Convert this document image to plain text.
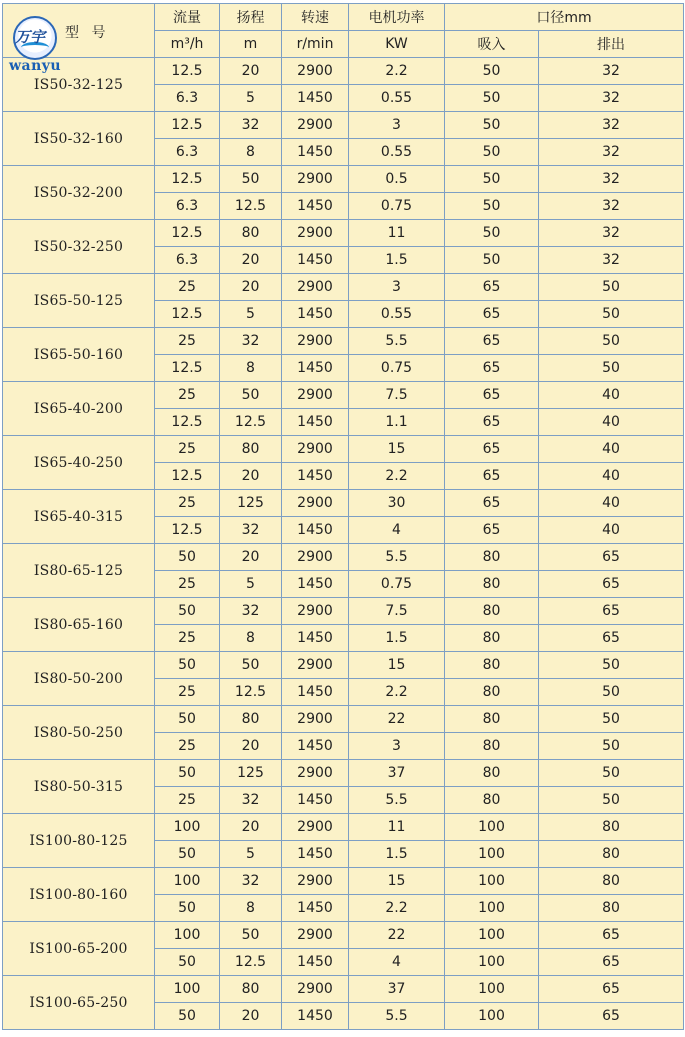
万宇
wanyu
型 号	流量	扬程	转速	电机功率	口径mm	
	m³/h	m	r/min	KW	吸入	排出
IS50-32-125	12.5	20	2900	2.2	50	32
	6.3	5	1450	0.55	50	32
IS50-32-160	12.5	32	2900	3	50	32
	6.3	8	1450	0.55	50	32
IS50-32-200	12.5	50	2900	0.5	50	32
	6.3	12.5	1450	0.75	50	32
IS50-32-250	12.5	80	2900	11	50	32
	6.3	20	1450	1.5	50	32
IS65-50-125	25	20	2900	3	65	50
	12.5	5	1450	0.55	65	50
IS65-50-160	25	32	2900	5.5	65	50
	12.5	8	1450	0.75	65	50
IS65-40-200	25	50	2900	7.5	65	40
	12.5	12.5	1450	1.1	65	40
IS65-40-250	25	80	2900	15	65	40
	12.5	20	1450	2.2	65	40
IS65-40-315	25	125	2900	30	65	40
	12.5	32	1450	4	65	40
IS80-65-125	50	20	2900	5.5	80	65
	25	5	1450	0.75	80	65
IS80-65-160	50	32	2900	7.5	80	65
	25	8	1450	1.5	80	65
IS80-50-200	50	50	2900	15	80	50
	25	12.5	1450	2.2	80	50
IS80-50-250	50	80	2900	22	80	50
	25	20	1450	3	80	50
IS80-50-315	50	125	2900	37	80	50
	25	32	1450	5.5	80	50
IS100-80-125	100	20	2900	11	100	80
	50	5	1450	1.5	100	80
IS100-80-160	100	32	2900	15	100	80
	50	8	1450	2.2	100	80
IS100-65-200	100	50	2900	22	100	65
	50	12.5	1450	4	100	65
IS100-65-250	100	80	2900	37	100	65
	50	20	1450	5.5	100	65
